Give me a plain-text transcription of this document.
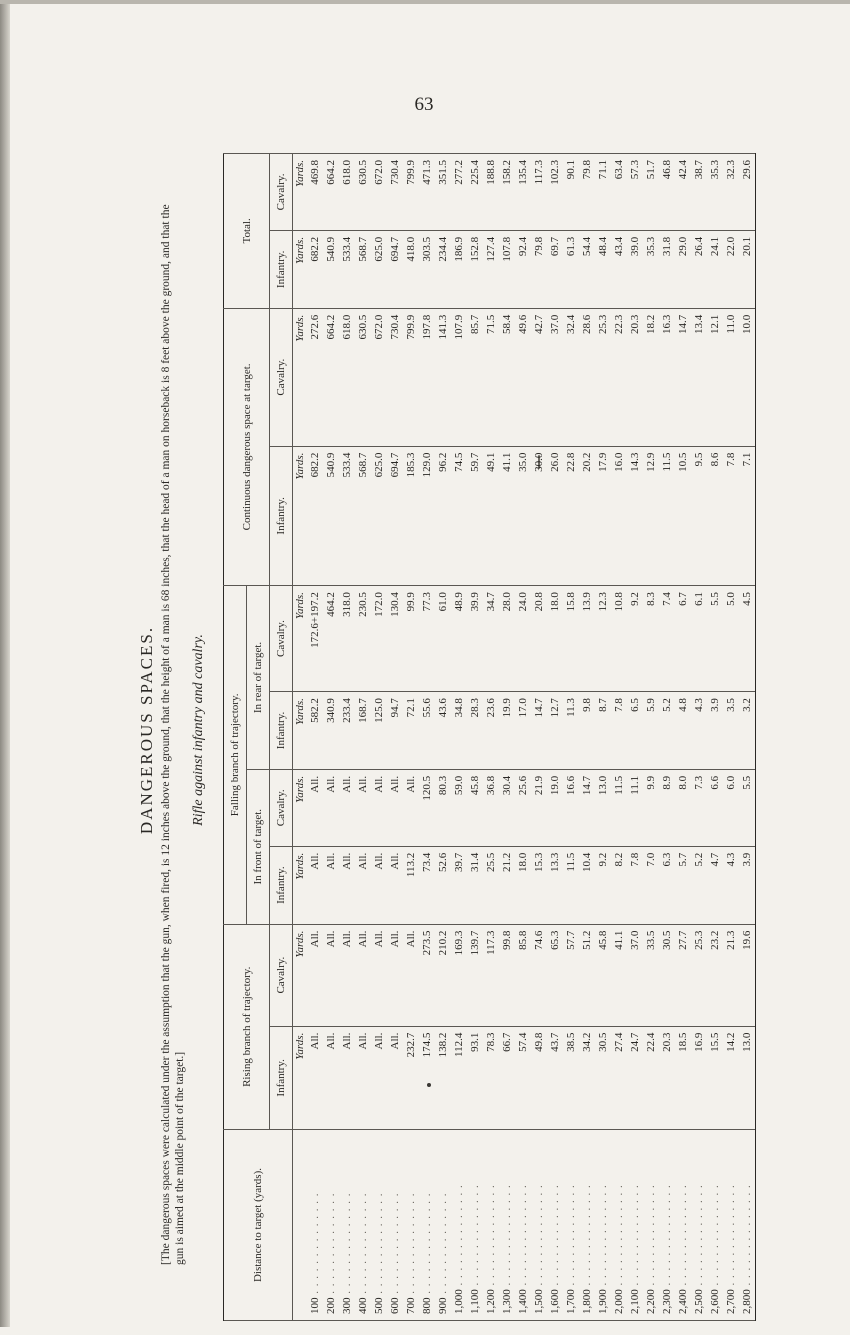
63
DANGEROUS SPACES. [The dangerous spaces were calculated under the assumption that the gun, when fired, is 12 inches above the ground, that the height of a man is 68 inches, that the head of a man on horseback is 8 feet above the ground, and that the gun is aimed at the middle point of the target.]
Rifle against infantry and cavalry.
Distance to target (yards).	Rising branch of trajectory.		Falling branch of trajectory.				Continuous dangerous space at target.		Total.	
			In front of target.		In rear of target.					
	Infantry.	Cavalry.	Infantry.	Cavalry.	Infantry.	Cavalry.	Infantry.	Cavalry.	Infantry.	Cavalry.
	Yards.	Yards.	Yards.	Yards.	Yards.	Yards.	Yards.	Yards.	Yards.	Yards.
100 . . . . . . . . . . . . . .	All.	All.	All.	All.	582.2	172.6+197.2	682.2	272.6	682.2	469.8
200 . . . . . . . . . . . . . .	All.	All.	All.	All.	340.9	464.2	540.9	664.2	540.9	664.2
300 . . . . . . . . . . . . . .	All.	All.	All.	All.	233.4	318.0	533.4	618.0	533.4	618.0
400 . . . . . . . . . . . . . .	All.	All.	All.	All.	168.7	230.5	568.7	630.5	568.7	630.5
500 . . . . . . . . . . . . . .	All.	All.	All.	All.	125.0	172.0	625.0	672.0	625.0	672.0
600 . . . . . . . . . . . . . .	All.	All.	All.	All.	94.7	130.4	694.7	730.4	694.7	730.4
700 . . . . . . . . . . . . . .	232.7	All.	113.2	All.	72.1	99.9	185.3	799.9	418.0	799.9
800 . . . . . . . . . . . . . .	174.5	273.5	73.4	120.5	55.6	77.3	129.0	197.8	303.5	471.3
900 . . . . . . . . . . . . . .	138.2	210.2	52.6	80.3	43.6	61.0	96.2	141.3	234.4	351.5
1,000 . . . . . . . . . . . . . .	112.4	169.3	39.7	59.0	34.8	48.9	74.5	107.9	186.9	277.2
1,100 . . . . . . . . . . . . . .	93.1	139.7	31.4	45.8	28.3	39.9	59.7	85.7	152.8	225.4
1,200 . . . . . . . . . . . . . .	78.3	117.3	25.5	36.8	23.6	34.7	49.1	71.5	127.4	188.8
1,300 . . . . . . . . . . . . . .	66.7	99.8	21.2	30.4	19.9	28.0	41.1	58.4	107.8	158.2
1,400 . . . . . . . . . . . . . .	57.4	85.8	18.0	25.6	17.0	24.0	35.0	49.6	92.4	135.4
1,500 . . . . . . . . . . . . . .	49.8	74.6	15.3	21.9	14.7	20.8	30.0	42.7	79.8	117.3
1,600 . . . . . . . . . . . . . .	43.7	65.3	13.3	19.0	12.7	18.0	26.0	37.0	69.7	102.3
1,700 . . . . . . . . . . . . . .	38.5	57.7	11.5	16.6	11.3	15.8	22.8	32.4	61.3	90.1
1,800 . . . . . . . . . . . . . .	34.2	51.2	10.4	14.7	9.8	13.9	20.2	28.6	54.4	79.8
1,900 . . . . . . . . . . . . . .	30.5	45.8	9.2	13.0	8.7	12.3	17.9	25.3	48.4	71.1
2,000 . . . . . . . . . . . . . .	27.4	41.1	8.2	11.5	7.8	10.8	16.0	22.3	43.4	63.4
2,100 . . . . . . . . . . . . . .	24.7	37.0	7.8	11.1	6.5	9.2	14.3	20.3	39.0	57.3
2,200 . . . . . . . . . . . . . .	22.4	33.5	7.0	9.9	5.9	8.3	12.9	18.2	35.3	51.7
2,300 . . . . . . . . . . . . . .	20.3	30.5	6.3	8.9	5.2	7.4	11.5	16.3	31.8	46.8
2,400 . . . . . . . . . . . . . .	18.5	27.7	5.7	8.0	4.8	6.7	10.5	14.7	29.0	42.4
2,500 . . . . . . . . . . . . . .	16.9	25.3	5.2	7.3	4.3	6.1	9.5	13.4	26.4	38.7
2,600 . . . . . . . . . . . . . .	15.5	23.2	4.7	6.6	3.9	5.5	8.6	12.1	24.1	35.3
2,700 . . . . . . . . . . . . . .	14.2	21.3	4.3	6.0	3.5	5.0	7.8	11.0	22.0	32.3
2,800 . . . . . . . . . . . . . .	13.0	19.6	3.9	5.5	3.2	4.5	7.1	10.0	20.1	29.6
